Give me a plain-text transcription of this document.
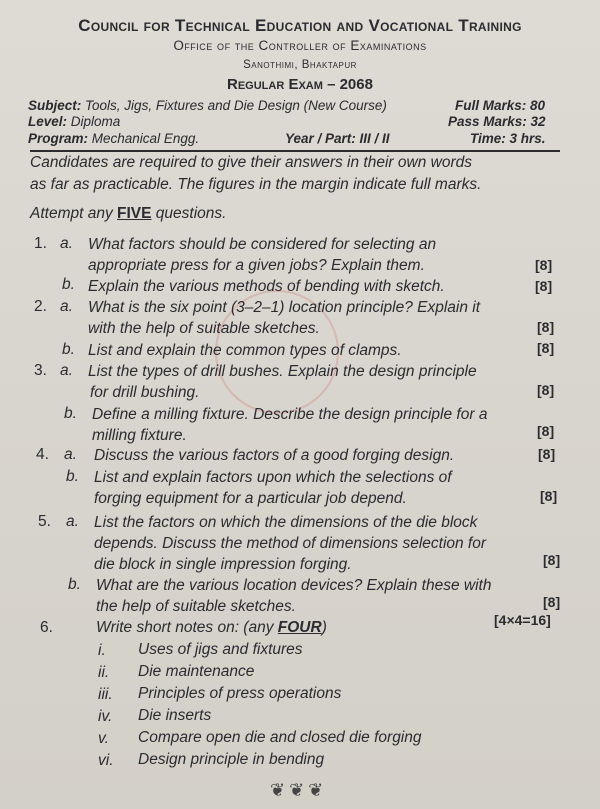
Council for Technical Education and Vocational Training
Office of the Controller of Examinations
Sanothimi, Bhaktapur
Regular Exam – 2068
Subject: Tools, Jigs, Fixtures and Die Design (New Course)	Full Marks: 80
Level: Diploma	Pass Marks: 32
Program: Mechanical Engg.	Year / Part: III / II	Time: 3 hrs.
Candidates are required to give their answers in their own words
as far as practicable. The figures in the margin indicate full marks.
Attempt any FIVE questions.
1. a. What factors should be considered for selecting an
appropriate press for a given jobs? Explain them.	[8]
b. Explain the various methods of bending with sketch.	[8]
2. a. What is the six point (3–2–1) location principle? Explain it
with the help of suitable sketches.	[8]
b. List and explain the common types of clamps.	[8]
3. a. List the types of drill bushes. Explain the design principle
for drill bushing.	[8]
b. Define a milling fixture. Describe the design principle for a
milling fixture.	[8]
4. a. Discuss the various factors of a good forging design.	[8]
b. List and explain factors upon which the selections of
forging equipment for a particular job depend.	[8]
5. a. List the factors on which the dimensions of the die block
depends. Discuss the method of dimensions selection for
die block in single impression forging.	[8]
b. What are the various location devices? Explain these with
the help of suitable sketches.	[8]
6.	Write short notes on: (any FOUR)	[4×4=16]
i. Uses of jigs and fixtures
ii. Die maintenance
iii. Principles of press operations
iv. Die inserts
v. Compare open die and closed die forging
vi. Design principle in bending
❦❦❦
